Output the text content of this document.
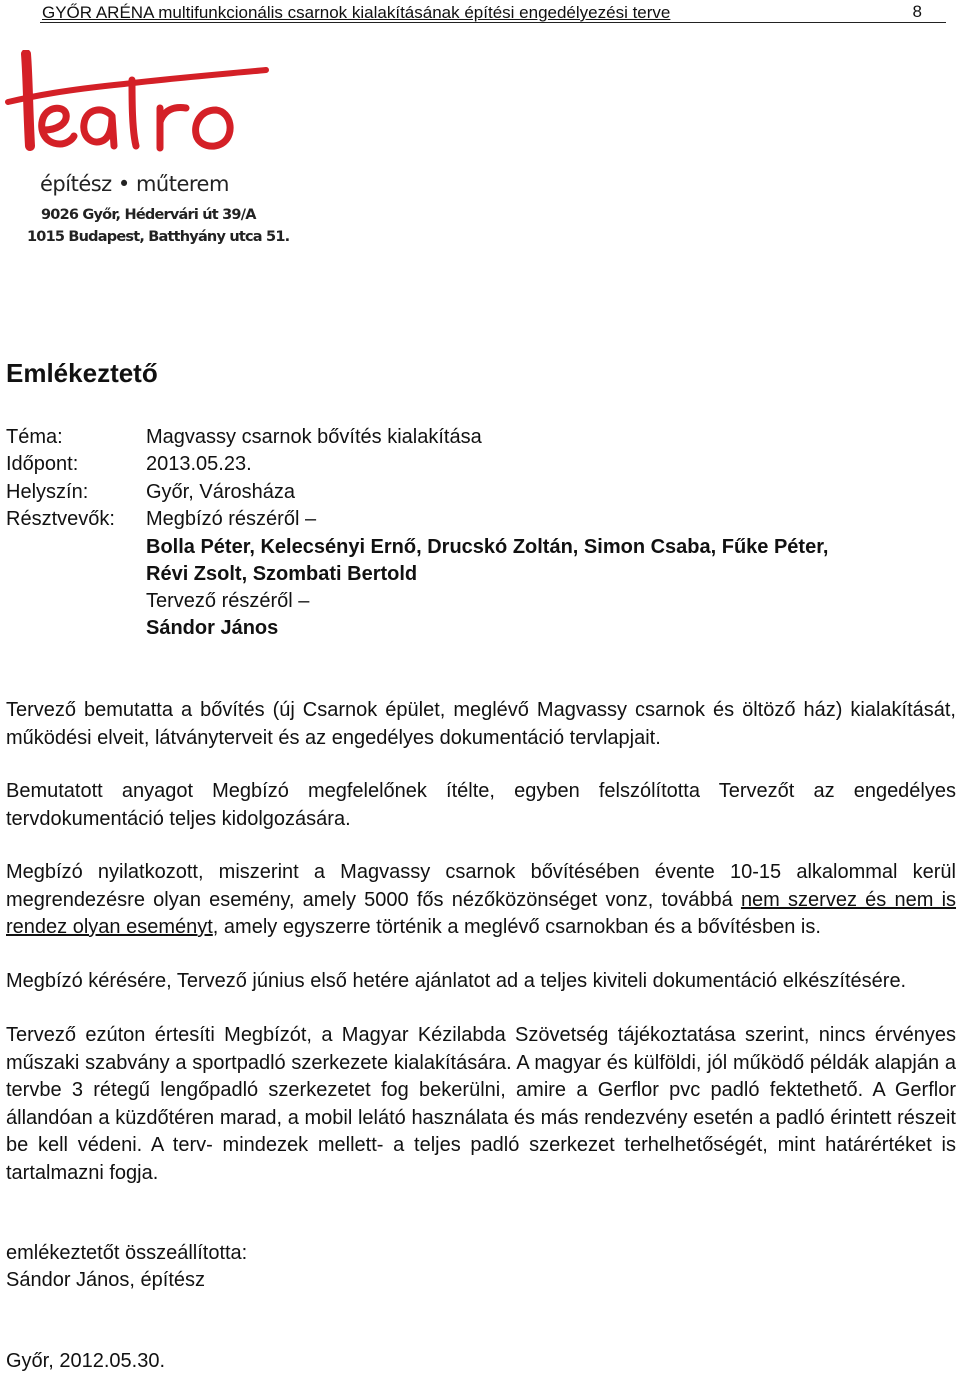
GYŐR ARÉNA multifunkcionális csarnok kialakításának építési engedélyezési terve	8
építész • műterem
9026 Győr, Hédervári út 39/A
1015 Budapest, Batthyány utca 51.
Emlékeztető
Téma:	Magvassy csarnok bővítés kialakítása
Időpont:	2013.05.23.
Helyszín:	Győr, Városháza
Résztvevők: Megbízó részéről –
Bolla Péter, Kelecsényi Ernő, Drucskó Zoltán, Simon Csaba, Fűke Péter,
Révi Zsolt, Szombati Bertold
Tervező részéről –
Sándor János

Tervező bemutatta a bővítés (új Csarnok épület, meglévő Magvassy csarnok és öltöző ház) kialakítását, működési elveit, látványterveit és az engedélyes dokumentáció tervlapjait.

Bemutatott anyagot Megbízó megfelelőnek ítélte, egyben felszólította Tervezőt az engedélyes tervdokumentáció teljes kidolgozására.

Megbízó nyilatkozott, miszerint a Magvassy csarnok bővítésében évente 10-15 alkalommal kerül megrendezésre olyan esemény, amely 5000 fős nézőközönséget vonz, továbbá nem szervez és nem is rendez olyan eseményt, amely egyszerre történik a meglévő csarnokban és a bővítésben is.

Megbízó kérésére, Tervező június első hetére ajánlatot ad a teljes kiviteli dokumentáció elkészítésére.

Tervező ezúton értesíti Megbízót, a Magyar Kézilabda Szövetség tájékoztatása szerint, nincs érvényes műszaki szabvány a sportpadló szerkezete kialakítására. A magyar és külföldi, jól működő példák alapján a tervbe 3 rétegű lengőpadló szerkezetet fog bekerülni, amire a Gerflor pvc padló fektethető. A Gerflor állandóan a küzdőtéren marad, a mobil lelátó használata és más rendezvény esetén a padló érintett részeit be kell védeni. A terv- mindezek mellett- a teljes padló szerkezet terhelhetőségét, mint határértéket is tartalmazni fogja.

emlékeztetőt összeállította:
Sándor János, építész
Győr, 2012.05.30.
